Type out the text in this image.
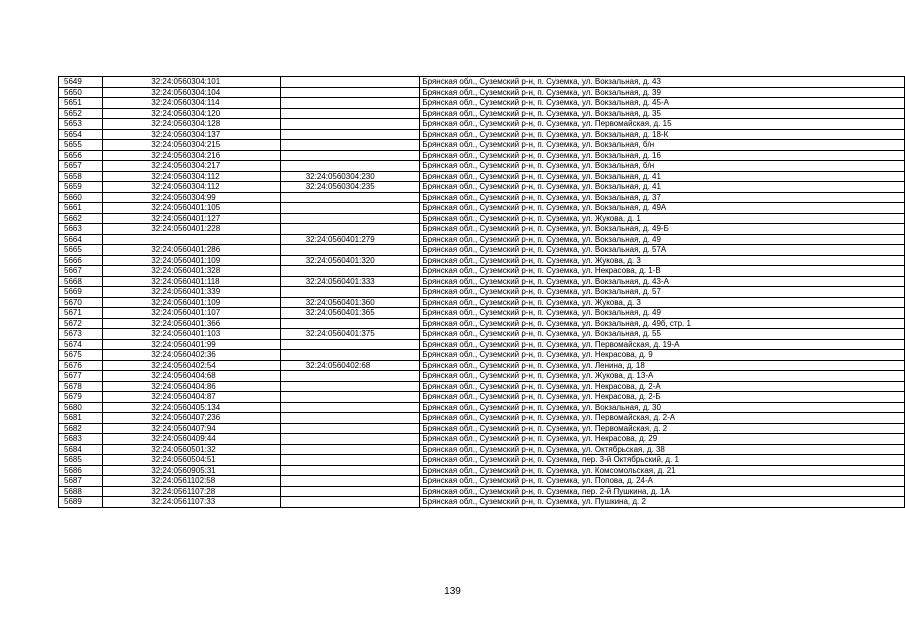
5649	32:24:0560304:101		Брянская обл., Суземский р-н, п. Суземка, ул. Вокзальная, д. 43
5650	32:24:0560304:104		Брянская обл., Суземский р-н, п. Суземка, ул. Вокзальная, д. 39
5651	32:24:0560304:114		Брянская обл., Суземский р-н, п. Суземка, ул. Вокзальная, д. 45-А
5652	32:24:0560304:120		Брянская обл., Суземский р-н, п. Суземка, ул. Вокзальная, д. 35
5653	32:24:0560304:128		Брянская обл., Суземский р-н, п. Суземка, ул. Первомайская, д. 15
5654	32:24:0560304:137		Брянская обл., Суземский р-н, п. Суземка, ул. Вокзальная, д. 18-К
5655	32:24:0560304:215		Брянская обл., Суземский р-н, п. Суземка, ул. Вокзальная, б/н
5656	32:24:0560304:216		Брянская обл., Суземский р-н, п. Суземка, ул. Вокзальная, д. 16
5657	32:24:0560304:217		Брянская обл., Суземский р-н, п. Суземка, ул. Вокзальная, б/н
5658	32:24:0560304:112	32:24:0560304:230	Брянская обл., Суземский р-н, п. Суземка, ул. Вокзальная, д. 41
5659	32:24:0560304:112	32:24:0560304:235	Брянская обл., Суземский р-н, п. Суземка, ул. Вокзальная, д. 41
5660	32:24:0560304:99		Брянская обл., Суземский р-н, п. Суземка, ул. Вокзальная, д. 37
5661	32:24:0560401:105		Брянская обл., Суземский р-н, п. Суземка, ул. Вокзальная, д. 49А
5662	32:24:0560401:127		Брянская обл., Суземский р-н, п. Суземка, ул. Жукова, д. 1
5663	32:24:0560401:228		Брянская обл., Суземский р-н, п. Суземка, ул. Вокзальная, д. 49-Б
5664		32:24:0560401:279	Брянская обл., Суземский р-н, п. Суземка, ул. Вокзальная, д. 49
5665	32:24:0560401:286		Брянская обл., Суземский р-н, п. Суземка, ул. Вокзальная, д. 57А
5666	32:24:0560401:109	32:24:0560401:320	Брянская обл., Суземский р-н, п. Суземка, ул. Жукова, д. 3
5667	32:24:0560401:328		Брянская обл., Суземский р-н, п. Суземка, ул. Некрасова, д. 1-В
5668	32:24:0560401:118	32:24:0560401:333	Брянская обл., Суземский р-н, п. Суземка, ул. Вокзальная, д. 43-А
5669	32:24:0560401:339		Брянская обл., Суземский р-н, п. Суземка, ул. Вокзальная, д. 57
5670	32:24:0560401:109	32:24:0560401:360	Брянская обл., Суземский р-н, п. Суземка, ул. Жукова, д. 3
5671	32:24:0560401:107	32:24:0560401:365	Брянская обл., Суземский р-н, п. Суземка, ул. Вокзальная, д. 49
5672	32:24:0560401:366		Брянская обл., Суземский р-н, п. Суземка, ул. Вокзальная, д. 49б, стр. 1
5673	32:24:0560401:103	32:24:0560401:375	Брянская обл., Суземский р-н, п. Суземка, ул. Вокзальная, д. 55
5674	32:24:0560401:99		Брянская обл., Суземский р-н, п. Суземка, ул. Первомайская, д. 19-А
5675	32:24:0560402:36		Брянская обл., Суземский р-н, п. Суземка, ул. Некрасова, д. 9
5676	32:24:0560402:54	32:24:0560402:68	Брянская обл., Суземский р-н, п. Суземка, ул. Ленина, д. 18
5677	32:24:0560404:68		Брянская обл., Суземский р-н, п. Суземка, ул. Жукова, д. 13-А
5678	32:24:0560404:86		Брянская обл., Суземский р-н, п. Суземка, ул. Некрасова, д. 2-А
5679	32:24:0560404:87		Брянская обл., Суземский р-н, п. Суземка, ул. Некрасова, д. 2-Б
5680	32:24:0560405:134		Брянская обл., Суземский р-н, п. Суземка, ул. Вокзальная, д. 30
5681	32:24:0560407:236		Брянская обл., Суземский р-н, п. Суземка, ул. Первомайская, д. 2-А
5682	32:24:0560407:94		Брянская обл., Суземский р-н, п. Суземка, ул. Первомайская, д. 2
5683	32:24:0560409:44		Брянская обл., Суземский р-н, п. Суземка, ул. Некрасова, д. 29
5684	32:24:0560501:32		Брянская обл., Суземский р-н, п. Суземка, ул. Октябрьская, д. 38
5685	32:24:0560504:51		Брянская обл., Суземский р-н, п. Суземка, пер. 3-й Октябрьский, д. 1
5686	32:24:0560905:31		Брянская обл., Суземский р-н, п. Суземка, ул. Комсомольская, д. 21
5687	32:24:0561102:58		Брянская обл., Суземский р-н, п. Суземка, ул. Попова, д. 24-А
5688	32:24:0561107:28		Брянская обл., Суземский р-н, п. Суземка, пер. 2-й Пушкина, д. 1А
5689	32:24:0561107:33		Брянская обл., Суземский р-н, п. Суземка, ул. Пушкина, д. 2
139
